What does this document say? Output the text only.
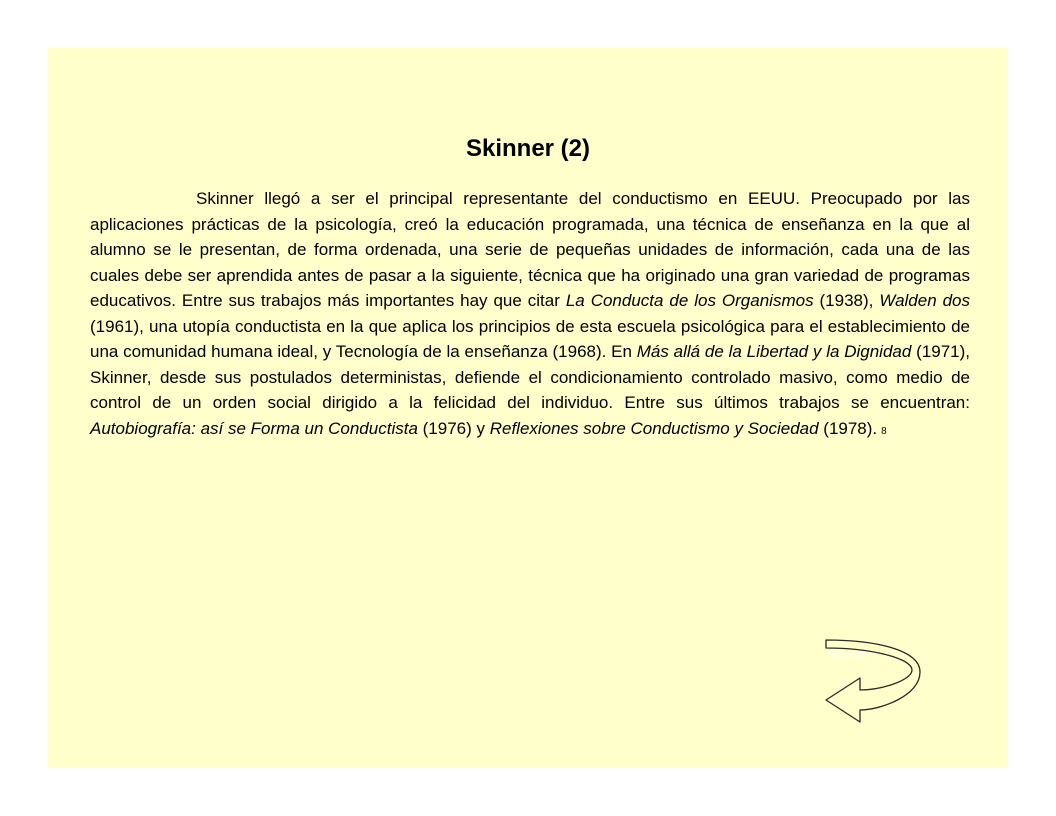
Skinner (2)

Skinner llegó a ser el principal representante del conductismo en EEUU. Preocupado por las aplicaciones prácticas de la psicología, creó la educación programada, una técnica de enseñanza en la que al alumno se le presentan, de forma ordenada, una serie de pequeñas unidades de información, cada una de las cuales debe ser aprendida antes de pasar a la siguiente, técnica que ha originado una gran variedad de programas educativos. Entre sus trabajos más importantes hay que citar La Conducta de los Organismos (1938), Walden dos (1961), una utopía conductista en la que aplica los principios de esta escuela psicológica para el establecimiento de una comunidad humana ideal, y Tecnología de la enseñanza (1968). En Más allá de la Libertad y la Dignidad (1971), Skinner, desde sus postulados deterministas, defiende el condicionamiento controlado masivo, como medio de control de un orden social dirigido a la felicidad del individuo. Entre sus últimos trabajos se encuentran: Autobiografía: así se Forma un Conductista (1976) y Reflexiones sobre Conductismo y Sociedad (1978). 8

Regreso
